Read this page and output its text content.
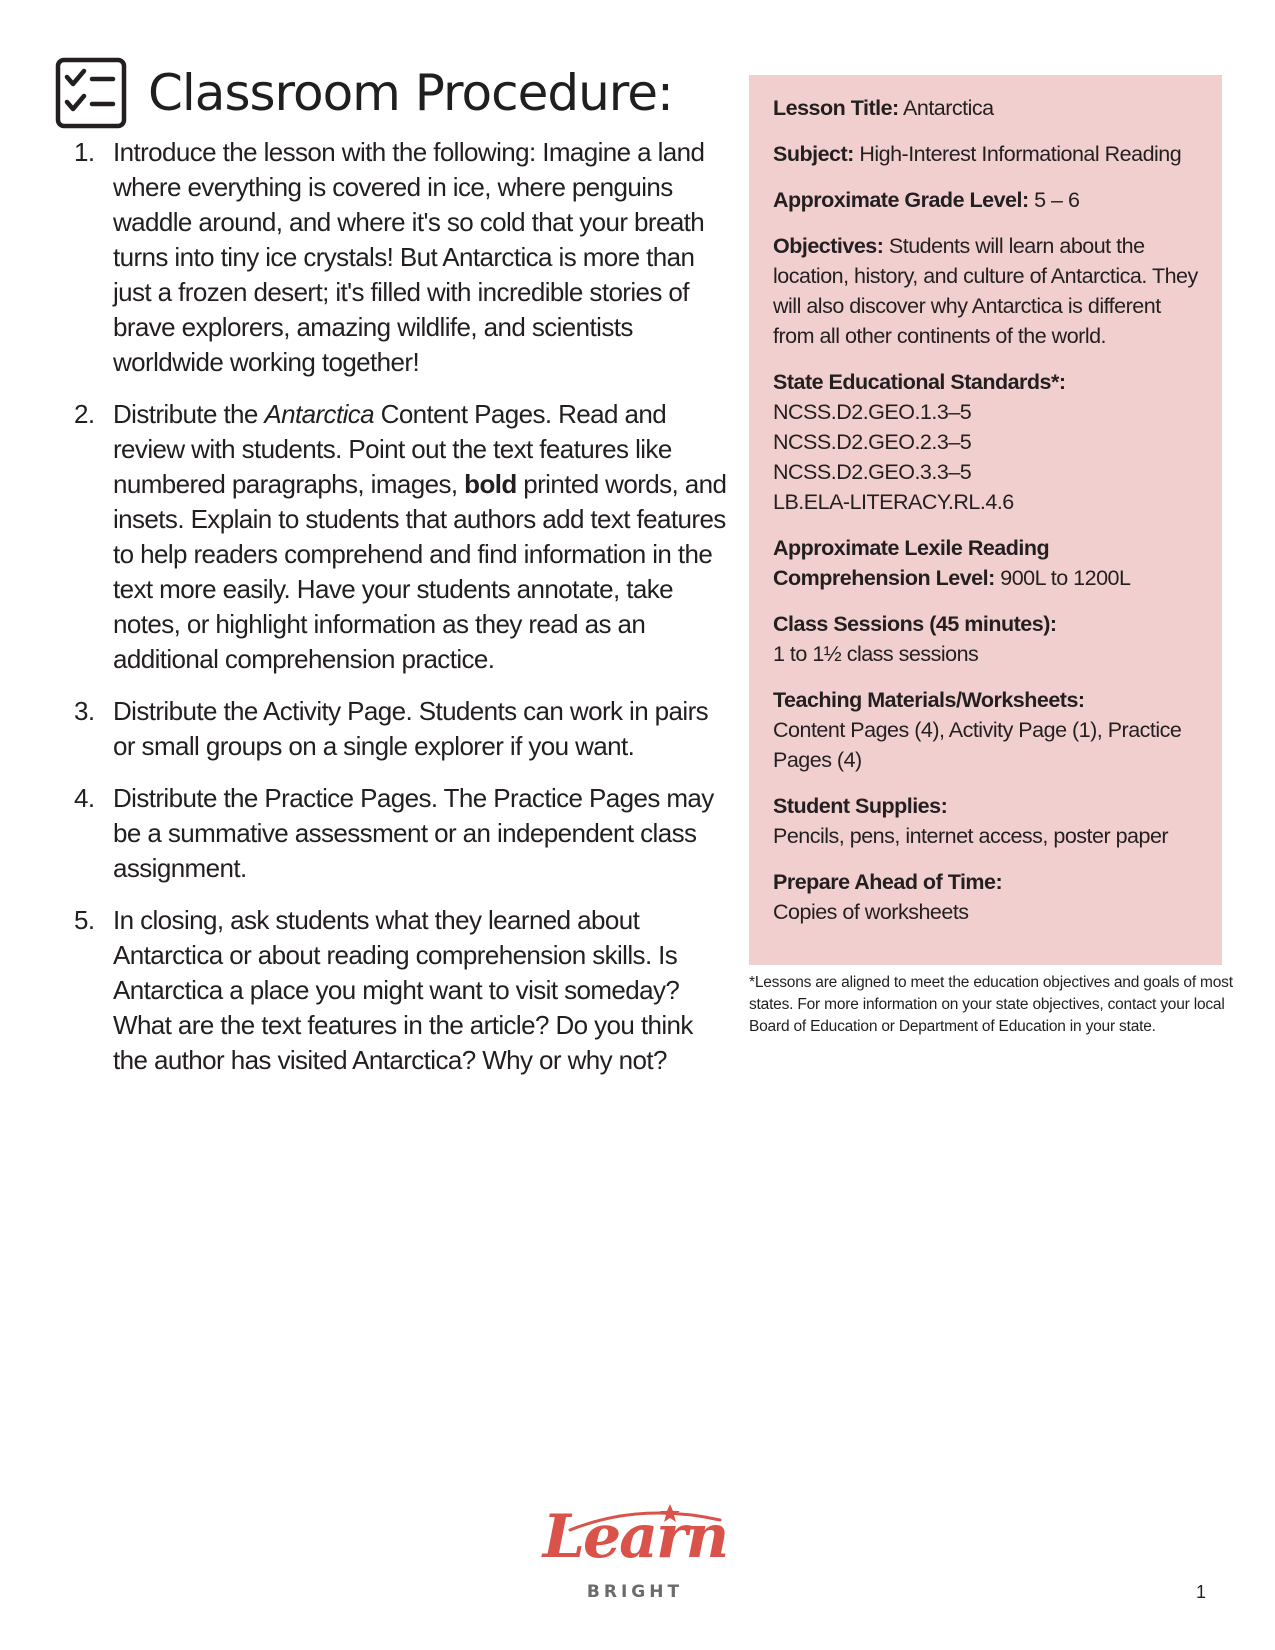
Classroom Procedure:
1. Introduce the lesson with the following: Imagine a land where everything is covered in ice, where penguins waddle around, and where it's so cold that your breath turns into tiny ice crystals! But Antarctica is more than just a frozen desert; it's filled with incredible stories of brave explorers, amazing wildlife, and scientists worldwide working together!
2. Distribute the Antarctica Content Pages. Read and review with students. Point out the text features like numbered paragraphs, images, bold printed words, and insets. Explain to students that authors add text features to help readers comprehend and find information in the text more easily. Have your students annotate, take notes, or highlight information as they read as an additional comprehension practice.
3. Distribute the Activity Page. Students can work in pairs or small groups on a single explorer if you want.
4. Distribute the Practice Pages. The Practice Pages may be a summative assessment or an independent class assignment.
5. In closing, ask students what they learned about Antarctica or about reading comprehension skills. Is Antarctica a place you might want to visit someday? What are the text features in the article? Do you think the author has visited Antarctica? Why or why not?

Lesson Title: Antarctica

Subject: High-Interest Informational Reading

Approximate Grade Level: 5 – 6

Objectives: Students will learn about the location, history, and culture of Antarctica. They will also discover why Antarctica is different from all other continents of the world.

State Educational Standards*:
NCSS.D2.GEO.1.3–5
NCSS.D2.GEO.2.3–5
NCSS.D2.GEO.3.3–5
LB.ELA-LITERACY.RL.4.6

Approximate Lexile Reading
Comprehension Level: 900L to 1200L

Class Sessions (45 minutes):
1 to 1½ class sessions

Teaching Materials/Worksheets:
Content Pages (4), Activity Page (1), Practice Pages (4)

Student Supplies:
Pencils, pens, internet access, poster paper

Prepare Ahead of Time:
Copies of worksheets

*Lessons are aligned to meet the education objectives and goals of most states. For more information on your state objectives, contact your local Board of Education or Department of Education in your state.

Learn
BRIGHT	1
